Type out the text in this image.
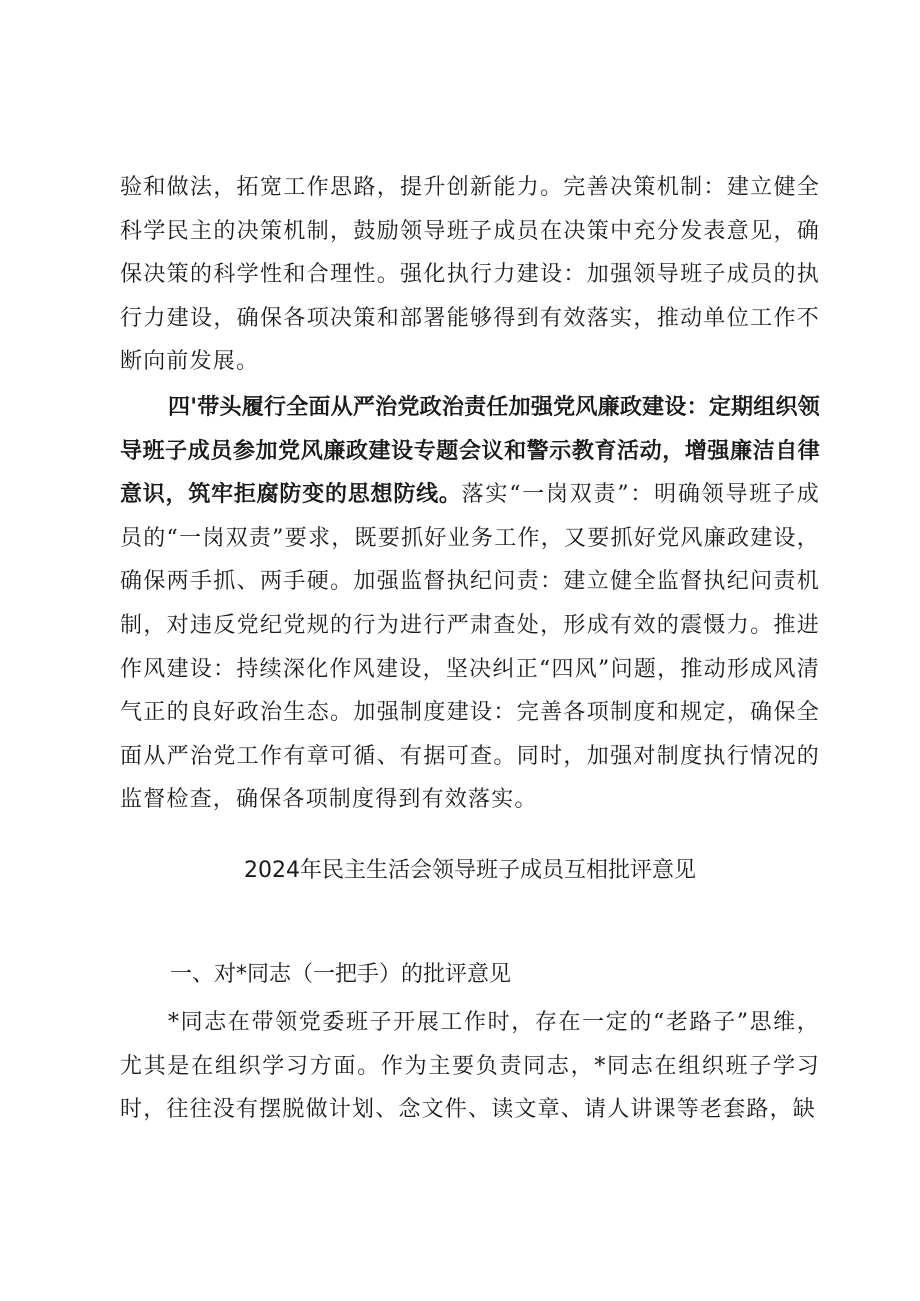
验和做法，拓宽工作思路，提升创新能力。完善决策机制：建立健全科学民主的决策机制，鼓励领导班子成员在决策中充分发表意见，确保决策的科学性和合理性。强化执行力建设：加强领导班子成员的执行力建设，确保各项决策和部署能够得到有效落实，推动单位工作不断向前发展。

四'带头履行全面从严治党政治责任加强党风廉政建设：定期组织领导班子成员参加党风廉政建设专题会议和警示教育活动，增强廉洁自律意识，筑牢拒腐防变的思想防线。落实“一岗双责”：明确领导班子成员的“一岗双责”要求，既要抓好业务工作，又要抓好党风廉政建设，确保两手抓、两手硬。加强监督执纪问责：建立健全监督执纪问责机制，对违反党纪党规的行为进行严肃查处，形成有效的震慑力。推进作风建设：持续深化作风建设，坚决纠正“四风”问题，推动形成风清气正的良好政治生态。加强制度建设：完善各项制度和规定，确保全面从严治党工作有章可循、有据可查。同时，加强对制度执行情况的监督检查，确保各项制度得到有效落实。

2024年民主生活会领导班子成员互相批评意见
一、对*同志（一把手）的批评意见

*同志在带领党委班子开展工作时，存在一定的“老路子”思维，尤其是在组织学习方面。作为主要负责同志，*同志在组织班子学习时，往往没有摆脱做计划、念文件、读文章、请人讲课等老套路，缺
